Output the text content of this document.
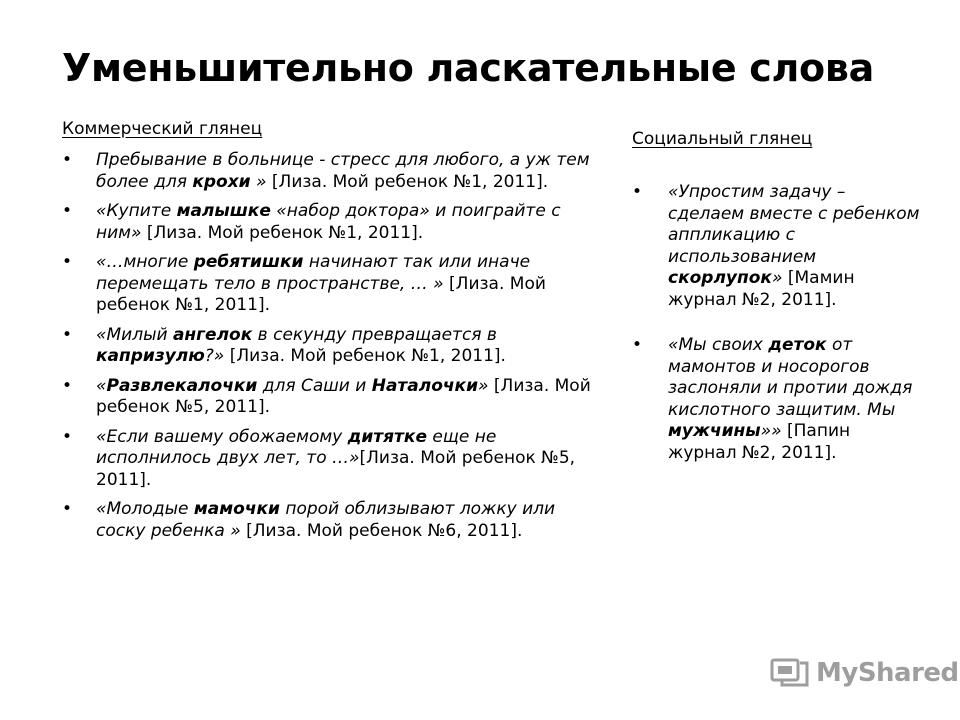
Уменьшительно ласкательные слова
Коммерческий глянец
• Пребывание в больнице - стресс для любого, а уж тем более для крохи » [Лиза. Мой ребенок №1, 2011].
• «Купите малышке «набор доктора» и поиграйте с ним» [Лиза. Мой ребенок №1, 2011].
• «…многие ребятишки начинают так или иначе перемещать тело в пространстве, … » [Лиза. Мой ребенок №1, 2011].
• «Милый ангелок в секунду превращается в капризулю?» [Лиза. Мой ребенок №1, 2011].
• «Развлекалочки для Саши и Наталочки» [Лиза. Мой ребенок №5, 2011].
• «Если вашему обожаемому дитятке еще не исполнилось двух лет, то …»[Лиза. Мой ребенок №5, 2011].
• «Молодые мамочки порой облизывают ложку или соску ребенка » [Лиза. Мой ребенок №6, 2011].
Социальный глянец
• «Упростим задачу – сделаем вместе с ребенком аппликацию с использованием скорлупок» [Мамин журнал №2, 2011].
• «Мы своих деток от мамонтов и носорогов заслоняли и протии дождя кислотного защитим. Мы мужчины»» [Папин журнал №2, 2011].
MyShared
